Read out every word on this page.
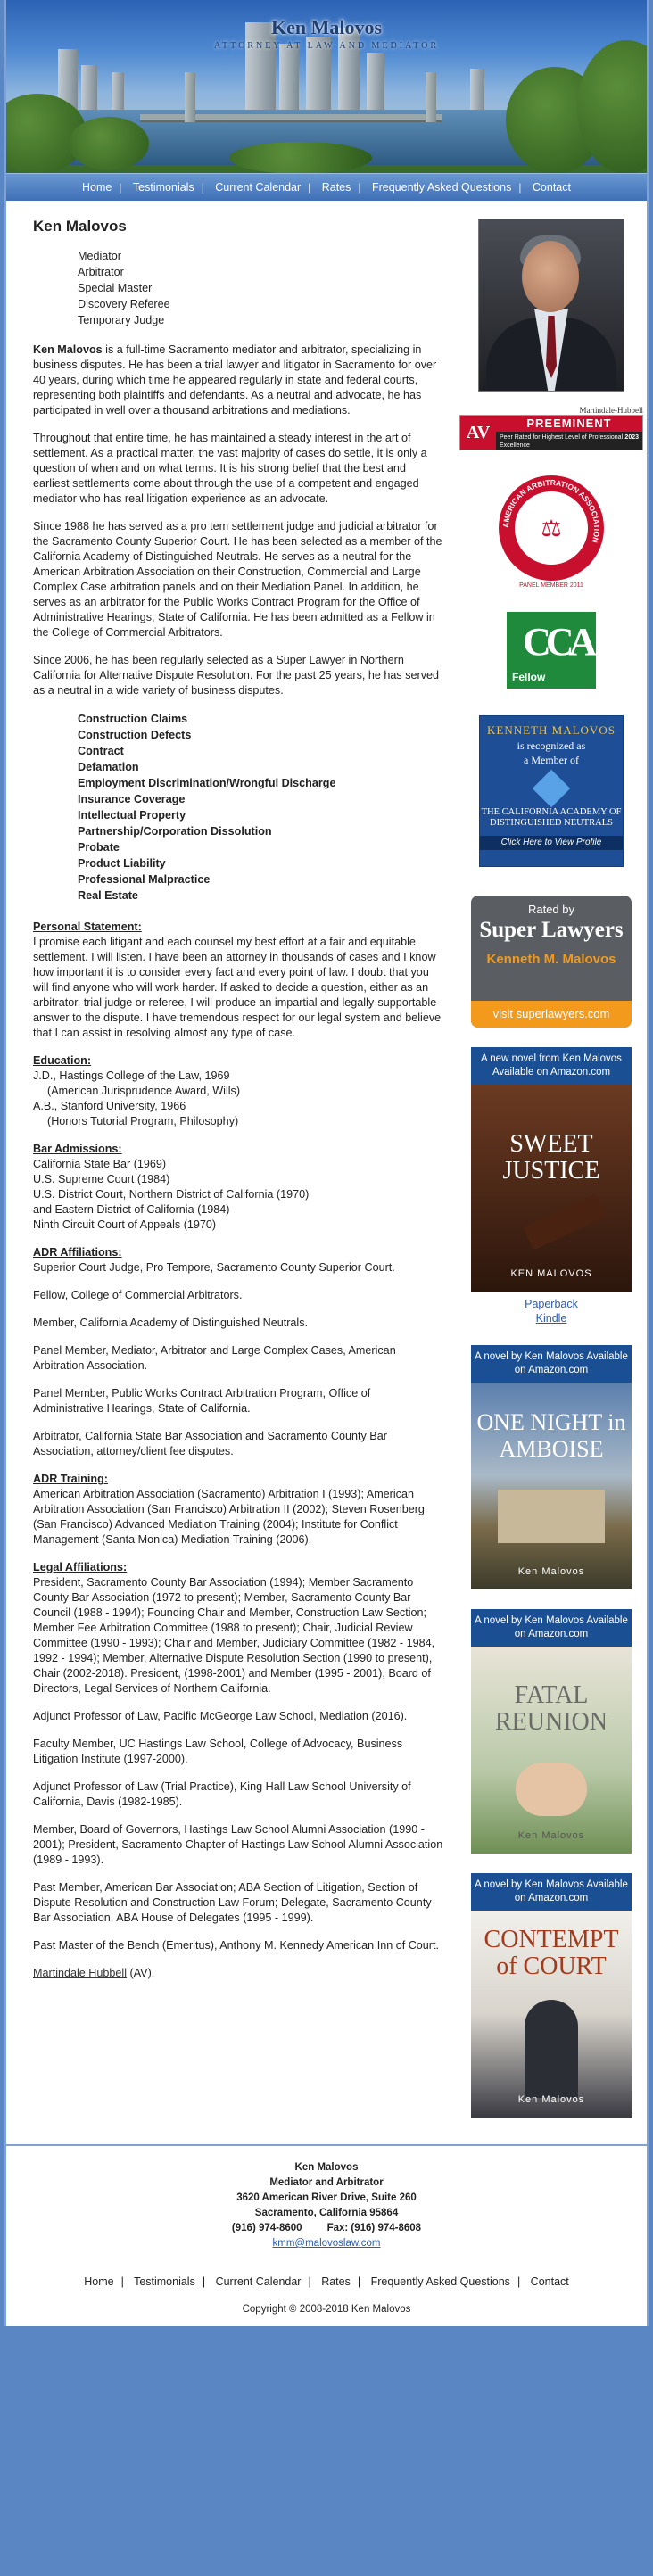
Ken Malovos
ATTORNEY AT LAW AND MEDIATOR
Home | Testimonials | Current Calendar | Rates | Frequently Asked Questions | Contact
Ken Malovos
Mediator
Arbitrator
Special Master
Discovery Referee
Temporary Judge

Ken Malovos is a full-time Sacramento mediator and arbitrator, specializing in business disputes. He has been a trial lawyer and litigator in Sacramento for over 40 years, during which time he appeared regularly in state and federal courts, representing both plaintiffs and defendants. As a neutral and advocate, he has participated in well over a thousand arbitrations and mediations.

Throughout that entire time, he has maintained a steady interest in the art of settlement. As a practical matter, the vast majority of cases do settle, it is only a question of when and on what terms. It is his strong belief that the best and earliest settlements come about through the use of a competent and engaged mediator who has real litigation experience as an advocate.

Since 1988 he has served as a pro tem settlement judge and judicial arbitrator for the Sacramento County Superior Court. He has been selected as a member of the California Academy of Distinguished Neutrals. He serves as a neutral for the American Arbitration Association on their Construction, Commercial and Large Complex Case arbitration panels and on their Mediation Panel. In addition, he serves as an arbitrator for the Public Works Contract Program for the Office of Administrative Hearings, State of California. He has been admitted as a Fellow in the College of Commercial Arbitrators.

Since 2006, he has been regularly selected as a Super Lawyer in Northern California for Alternative Dispute Resolution. For the past 25 years, he has served as a neutral in a wide variety of business disputes.

Construction Claims
Construction Defects
Contract
Defamation
Employment Discrimination/Wrongful Discharge
Insurance Coverage
Intellectual Property
Partnership/Corporation Dissolution
Probate
Product Liability
Professional Malpractice
Real Estate

Personal Statement:
I promise each litigant and each counsel my best effort at a fair and equitable settlement. I will listen. I have been an attorney in thousands of cases and I know how important it is to consider every fact and every point of law. I doubt that you will find anyone who will work harder. If asked to decide a question, either as an arbitrator, trial judge or referee, I will produce an impartial and legally-supportable answer to the dispute. I have tremendous respect for our legal system and believe that I can assist in resolving almost any type of case.

Education:
J.D., Hastings College of the Law, 1969
(American Jurisprudence Award, Wills)
A.B., Stanford University, 1966
(Honors Tutorial Program, Philosophy)

Bar Admissions:
California State Bar (1969)
U.S. Supreme Court (1984)
U.S. District Court, Northern District of California (1970)
and Eastern District of California (1984)
Ninth Circuit Court of Appeals (1970)

ADR Affiliations:
Superior Court Judge, Pro Tempore, Sacramento County Superior Court.

Fellow, College of Commercial Arbitrators.

Member, California Academy of Distinguished Neutrals.

Panel Member, Mediator, Arbitrator and Large Complex Cases, American Arbitration Association.

Panel Member, Public Works Contract Arbitration Program, Office of Administrative Hearings, State of California.

Arbitrator, California State Bar Association and Sacramento County Bar Association, attorney/client fee disputes.

ADR Training:
American Arbitration Association (Sacramento) Arbitration I (1993); American Arbitration Association (San Francisco) Arbitration II (2002); Steven Rosenberg (San Francisco) Advanced Mediation Training (2004); Institute for Conflict Management (Santa Monica) Mediation Training (2006).

Legal Affiliations:
President, Sacramento County Bar Association (1994); Member Sacramento County Bar Association (1972 to present); Member, Sacramento County Bar Council (1988 - 1994); Founding Chair and Member, Construction Law Section; Member Fee Arbitration Committee (1988 to present); Chair, Judicial Review Committee (1990 - 1993); Chair and Member, Judiciary Committee (1982 - 1984, 1992 - 1994); Member, Alternative Dispute Resolution Section (1990 to present), Chair (2002-2018). President, (1998-2001) and Member (1995 - 2001), Board of Directors, Legal Services of Northern California.

Adjunct Professor of Law, Pacific McGeorge Law School, Mediation (2016).

Faculty Member, UC Hastings Law School, College of Advocacy, Business Litigation Institute (1997-2000).

Adjunct Professor of Law (Trial Practice), King Hall Law School University of California, Davis (1982-1985).

Member, Board of Governors, Hastings Law School Alumni Association (1990 - 2001); President, Sacramento Chapter of Hastings Law School Alumni Association (1989 - 1993).

Past Member, American Bar Association; ABA Section of Litigation, Section of Dispute Resolution and Construction Law Forum; Delegate, Sacramento County Bar Association, ABA House of Delegates (1995 - 1999).

Past Master of the Bench (Emeritus), Anthony M. Kennedy American Inn of Court.

Martindale Hubbell (AV).

Martindale-Hubbell
AV	PREEMINENT
Peer Rated for Highest Level of Professional Excellence
2023
AMERICAN ARBITRATION ASSOCIATION
⚖
PANEL MEMBER 2011
CCA
Fellow
KENNETH MALOVOS
is recognized as
a Member of
THE CALIFORNIA ACADEMY OF DISTINGUISHED NEUTRALS
Click Here to View Profile
Rated by
Super Lawyers
Kenneth M. Malovos
visit superlawyers.com
A new novel from Ken Malovos Available on Amazon.com
SWEET JUSTICE
KEN MALOVOS
Paperback
Kindle
A novel by Ken Malovos Available on Amazon.com
ONE NIGHT in AMBOISE
Ken Malovos
A novel by Ken Malovos Available on Amazon.com
FATAL REUNION
Ken Malovos
A novel by Ken Malovos Available on Amazon.com
CONTEMPT of COURT
Ken Malovos
Ken Malovos
Mediator and Arbitrator
3620 American River Drive, Suite 260
Sacramento, California 95864
(916) 974-8600 Fax: (916) 974-8608
kmm@malovoslaw.com
Home | Testimonials | Current Calendar | Rates | Frequently Asked Questions | Contact
Copyright © 2008-2018 Ken Malovos
